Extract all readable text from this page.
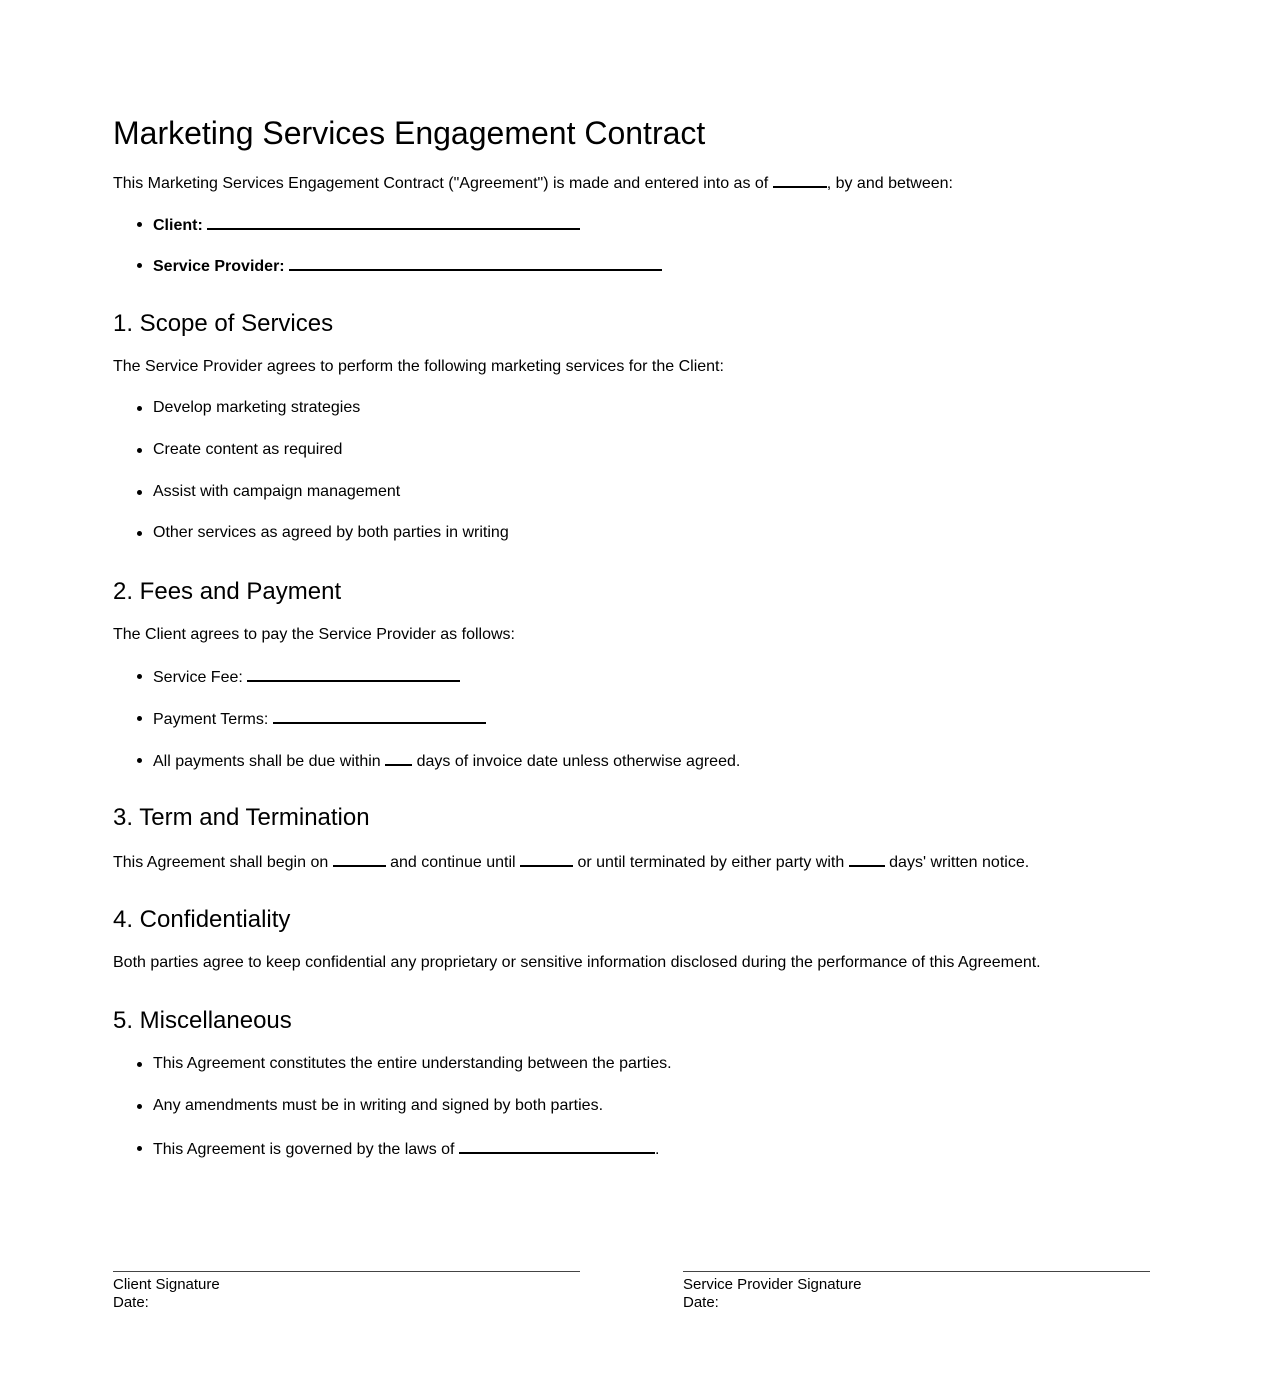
Marketing Services Engagement Contract
This Marketing Services Engagement Contract ("Agreement") is made and entered into as of	, by and between:
Client:
Service Provider:
1. Scope of Services
The Service Provider agrees to perform the following marketing services for the Client:
Develop marketing strategies
Create content as required
Assist with campaign management
Other services as agreed by both parties in writing
2. Fees and Payment
The Client agrees to pay the Service Provider as follows:
Service Fee:
Payment Terms:
All payments shall be due within  days of invoice date unless otherwise agreed.
3. Term and Termination
This Agreement shall begin on	and continue until	or until terminated by either party with  days' written notice.
4. Confidentiality
Both parties agree to keep confidential any proprietary or sensitive information disclosed during the performance of this Agreement.
5. Miscellaneous
This Agreement constitutes the entire understanding between the parties.
Any amendments must be in writing and signed by both parties.
This Agreement is governed by the laws of	.
Client Signature
Date:
Service Provider Signature
Date:
